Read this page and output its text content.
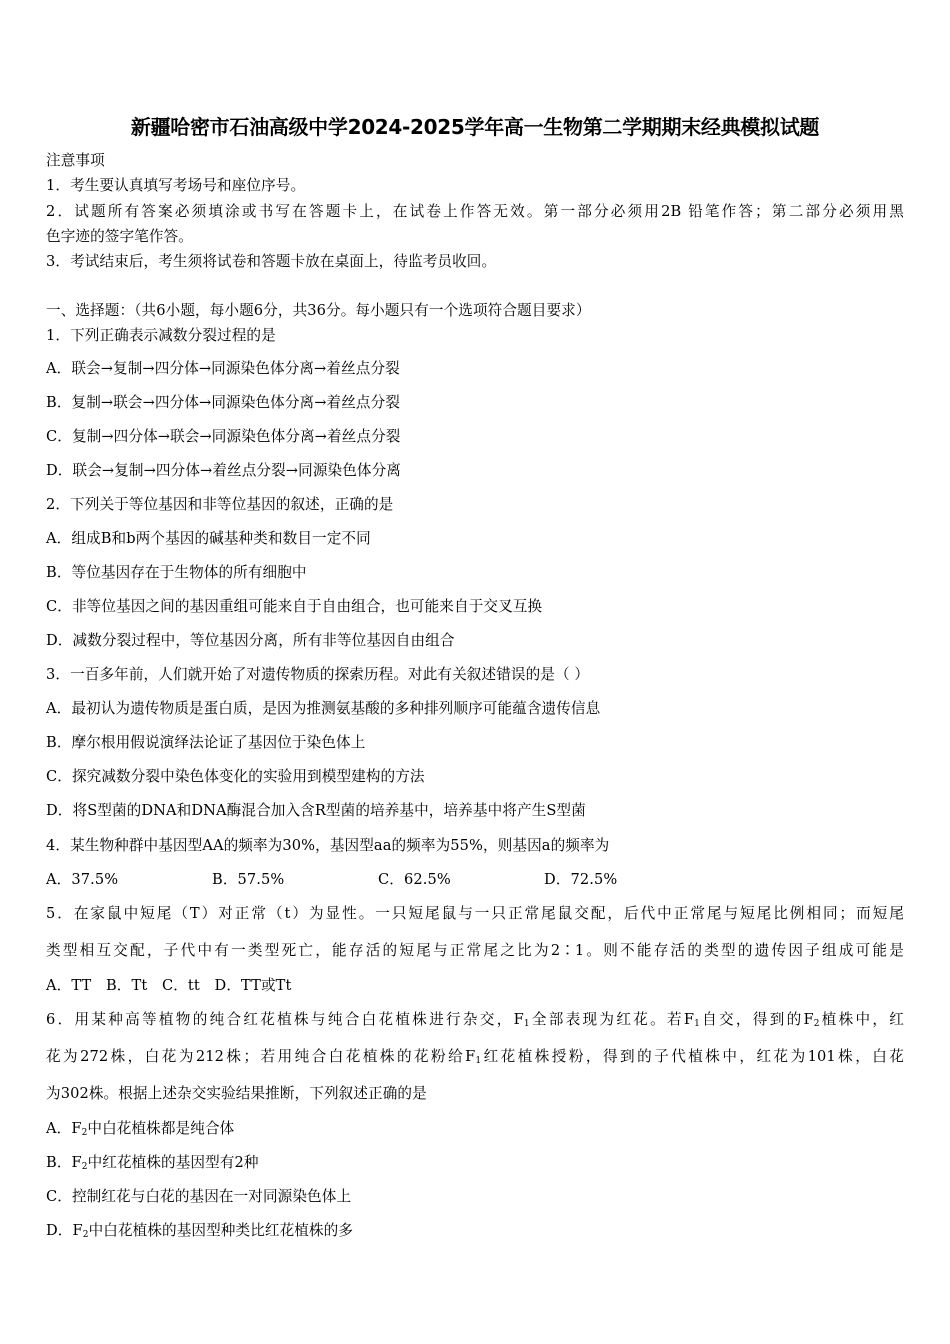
新疆哈密市石油高级中学2024-2025学年高一生物第二学期期末经典模拟试题
注意事项
1．考生要认真填写考场号和座位序号。
2．试题所有答案必须填涂或书写在答题卡上，在试卷上作答无效。第一部分必须用2B 铅笔作答；第二部分必须用黑
色字迹的签字笔作答。
3．考试结束后，考生须将试卷和答题卡放在桌面上，待监考员收回。
一、选择题：（共6小题，每小题6分，共36分。每小题只有一个选项符合题目要求）
1．下列正确表示减数分裂过程的是
A．联会→复制→四分体→同源染色体分离→着丝点分裂
B．复制→联会→四分体→同源染色体分离→着丝点分裂
C．复制→四分体→联会→同源染色体分离→着丝点分裂
D．联会→复制→四分体→着丝点分裂→同源染色体分离
2．下列关于等位基因和非等位基因的叙述，正确的是
A．组成B和b两个基因的碱基种类和数目一定不同
B．等位基因存在于生物体的所有细胞中
C．非等位基因之间的基因重组可能来自于自由组合，也可能来自于交叉互换
D．减数分裂过程中，等位基因分离，所有非等位基因自由组合
3．一百多年前，人们就开始了对遗传物质的探索历程。对此有关叙述错误的是（ ）
A．最初认为遗传物质是蛋白质，是因为推测氨基酸的多种排列顺序可能蕴含遗传信息
B．摩尔根用假说演绎法论证了基因位于染色体上
C．探究减数分裂中染色体变化的实验用到模型建构的方法
D．将S型菌的DNA和DNA酶混合加入含R型菌的培养基中，培养基中将产生S型菌
4．某生物种群中基因型AA的频率为30%，基因型aa的频率为55%，则基因a的频率为
A．37.5%	B．57.5%	C．62.5%	D．72.5%
5．在家鼠中短尾（T）对正常（t）为显性。一只短尾鼠与一只正常尾鼠交配，后代中正常尾与短尾比例相同；而短尾
类型相互交配，子代中有一类型死亡，能存活的短尾与正常尾之比为2∶1。则不能存活的类型的遗传因子组成可能是
A．TT　B．Tt　C．tt　D．TT或Tt
6．用某种高等植物的纯合红花植株与纯合白花植株进行杂交，$F_1$全部表现为红花。若$F_1$自交，得到的$F_2$植株中，红
花为272株，白花为212株；若用纯合白花植株的花粉给$F_1$红花植株授粉，得到的子代植株中，红花为101株，白花
为302株。根据上述杂交实验结果推断，下列叙述正确的是
A．$F_2$中白花植株都是纯合体
B．$F_2$中红花植株的基因型有2种
C．控制红花与白花的基因在一对同源染色体上
D．$F_2$中白花植株的基因型种类比红花植株的多
